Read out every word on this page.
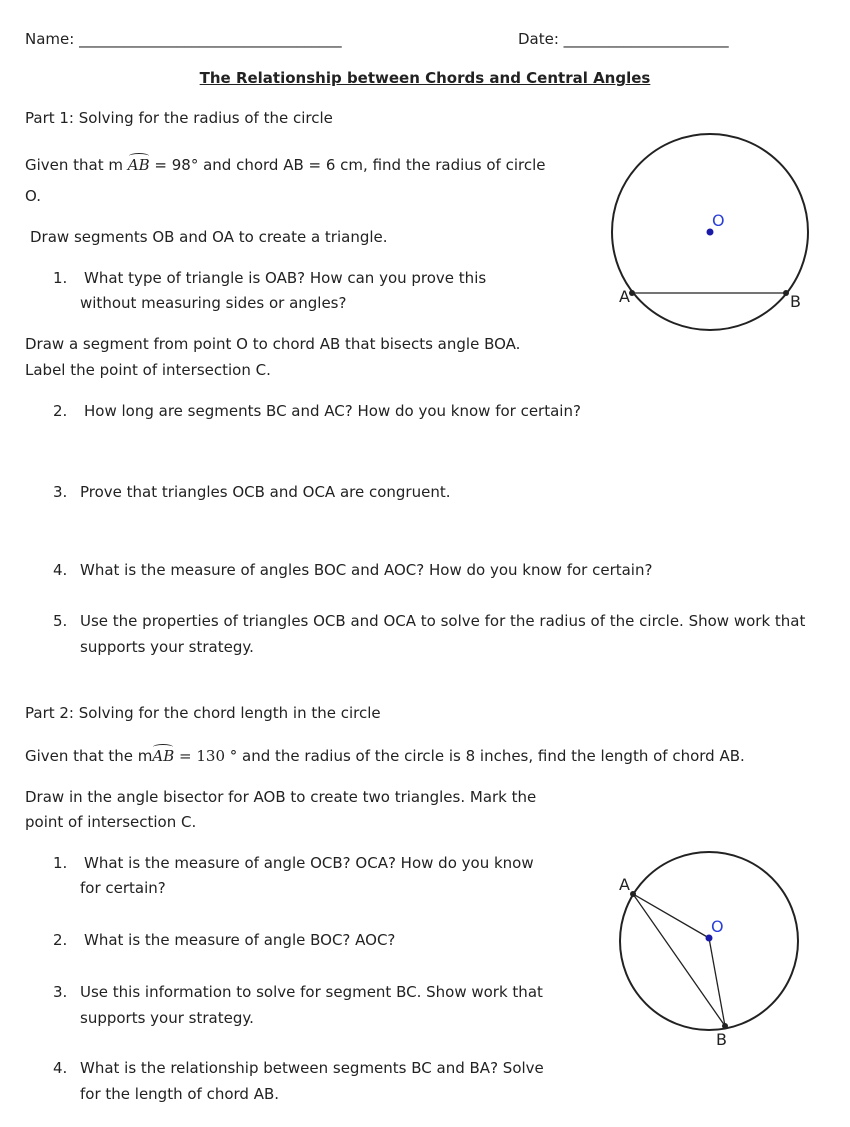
Name: ___________________________________	Date: ______________________
The Relationship between Chords and Central Angles
Part 1: Solving for the radius of the circle
Given that m AB = 98° and chord AB = 6 cm, find the radius of circle
O.
Draw segments OB and OA to create a triangle.
1. What type of triangle is OAB? How can you prove this
without measuring sides or angles?
Draw a segment from point O to chord AB that bisects angle BOA.
Label the point of intersection C.
2. How long are segments BC and AC? How do you know for certain?
3. Prove that triangles OCB and OCA are congruent.
4. What is the measure of angles BOC and AOC? How do you know for certain?
5. Use the properties of triangles OCB and OCA to solve for the radius of the circle. Show work that
supports your strategy.
O
A	B
Part 2: Solving for the chord length in the circle
Given that the mAB = 130 ° and the radius of the circle is 8 inches, find the length of chord AB.
Draw in the angle bisector for AOB to create two triangles. Mark the
point of intersection C.
1. What is the measure of angle OCB? OCA? How do you know
for certain?
2. What is the measure of angle BOC? AOC?
3. Use this information to solve for segment BC. Show work that
supports your strategy.
4. What is the relationship between segments BC and BA? Solve
for the length of chord AB.
O
A
B
